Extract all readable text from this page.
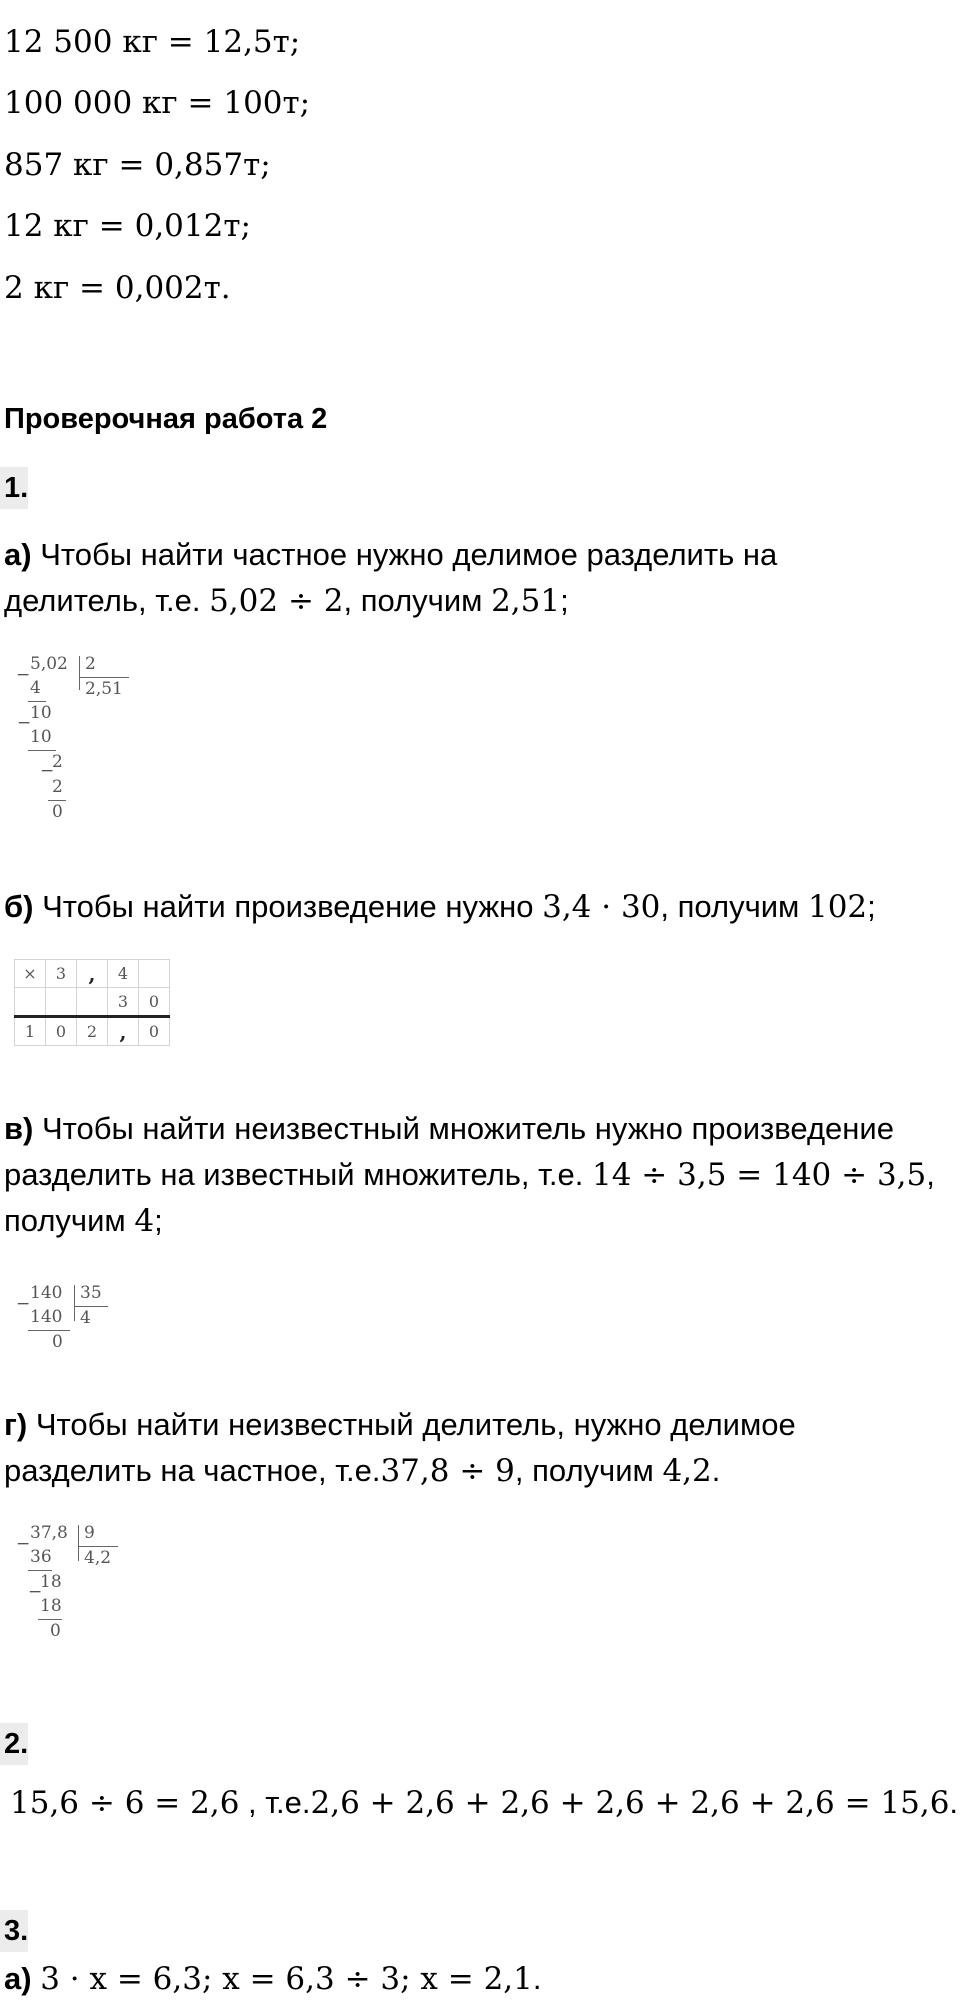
12 500 кг = 12,5т;
100 000 кг = 100т;
857 кг = 0,857т;
12 кг = 0,012т;
2 кг = 0,002т.
Проверочная работа 2
1.
а) Чтобы найти частное нужно делимое разделить на
делитель, т.е. 5,02 ÷ 2, получим 2,51;
−
5,02 2
2,51
4
−
10
10
−
2
2
0
б) Чтобы найти произведение нужно 3,4 · 30, получим 102;
×	3	,	4	
			3	0
1	0	2	,	0
в) Чтобы найти неизвестный множитель нужно произведение
разделить на известный множитель, т.е. 14 ÷ 3,5 = 140 ÷ 3,5,
получим 4;
−
140 35
4
140
0
г) Чтобы найти неизвестный делитель, нужно делимое
разделить на частное, т.е.37,8 ÷ 9, получим 4,2.
−
37,8 9
4,2
36
−
18
18
0
2.
15,6 ÷ 6 = 2,6 , т.е.2,6 + 2,6 + 2,6 + 2,6 + 2,6 + 2,6 = 15,6.
3.
а) 3 · x = 6,3; x = 6,3 ÷ 3; x = 2,1.
